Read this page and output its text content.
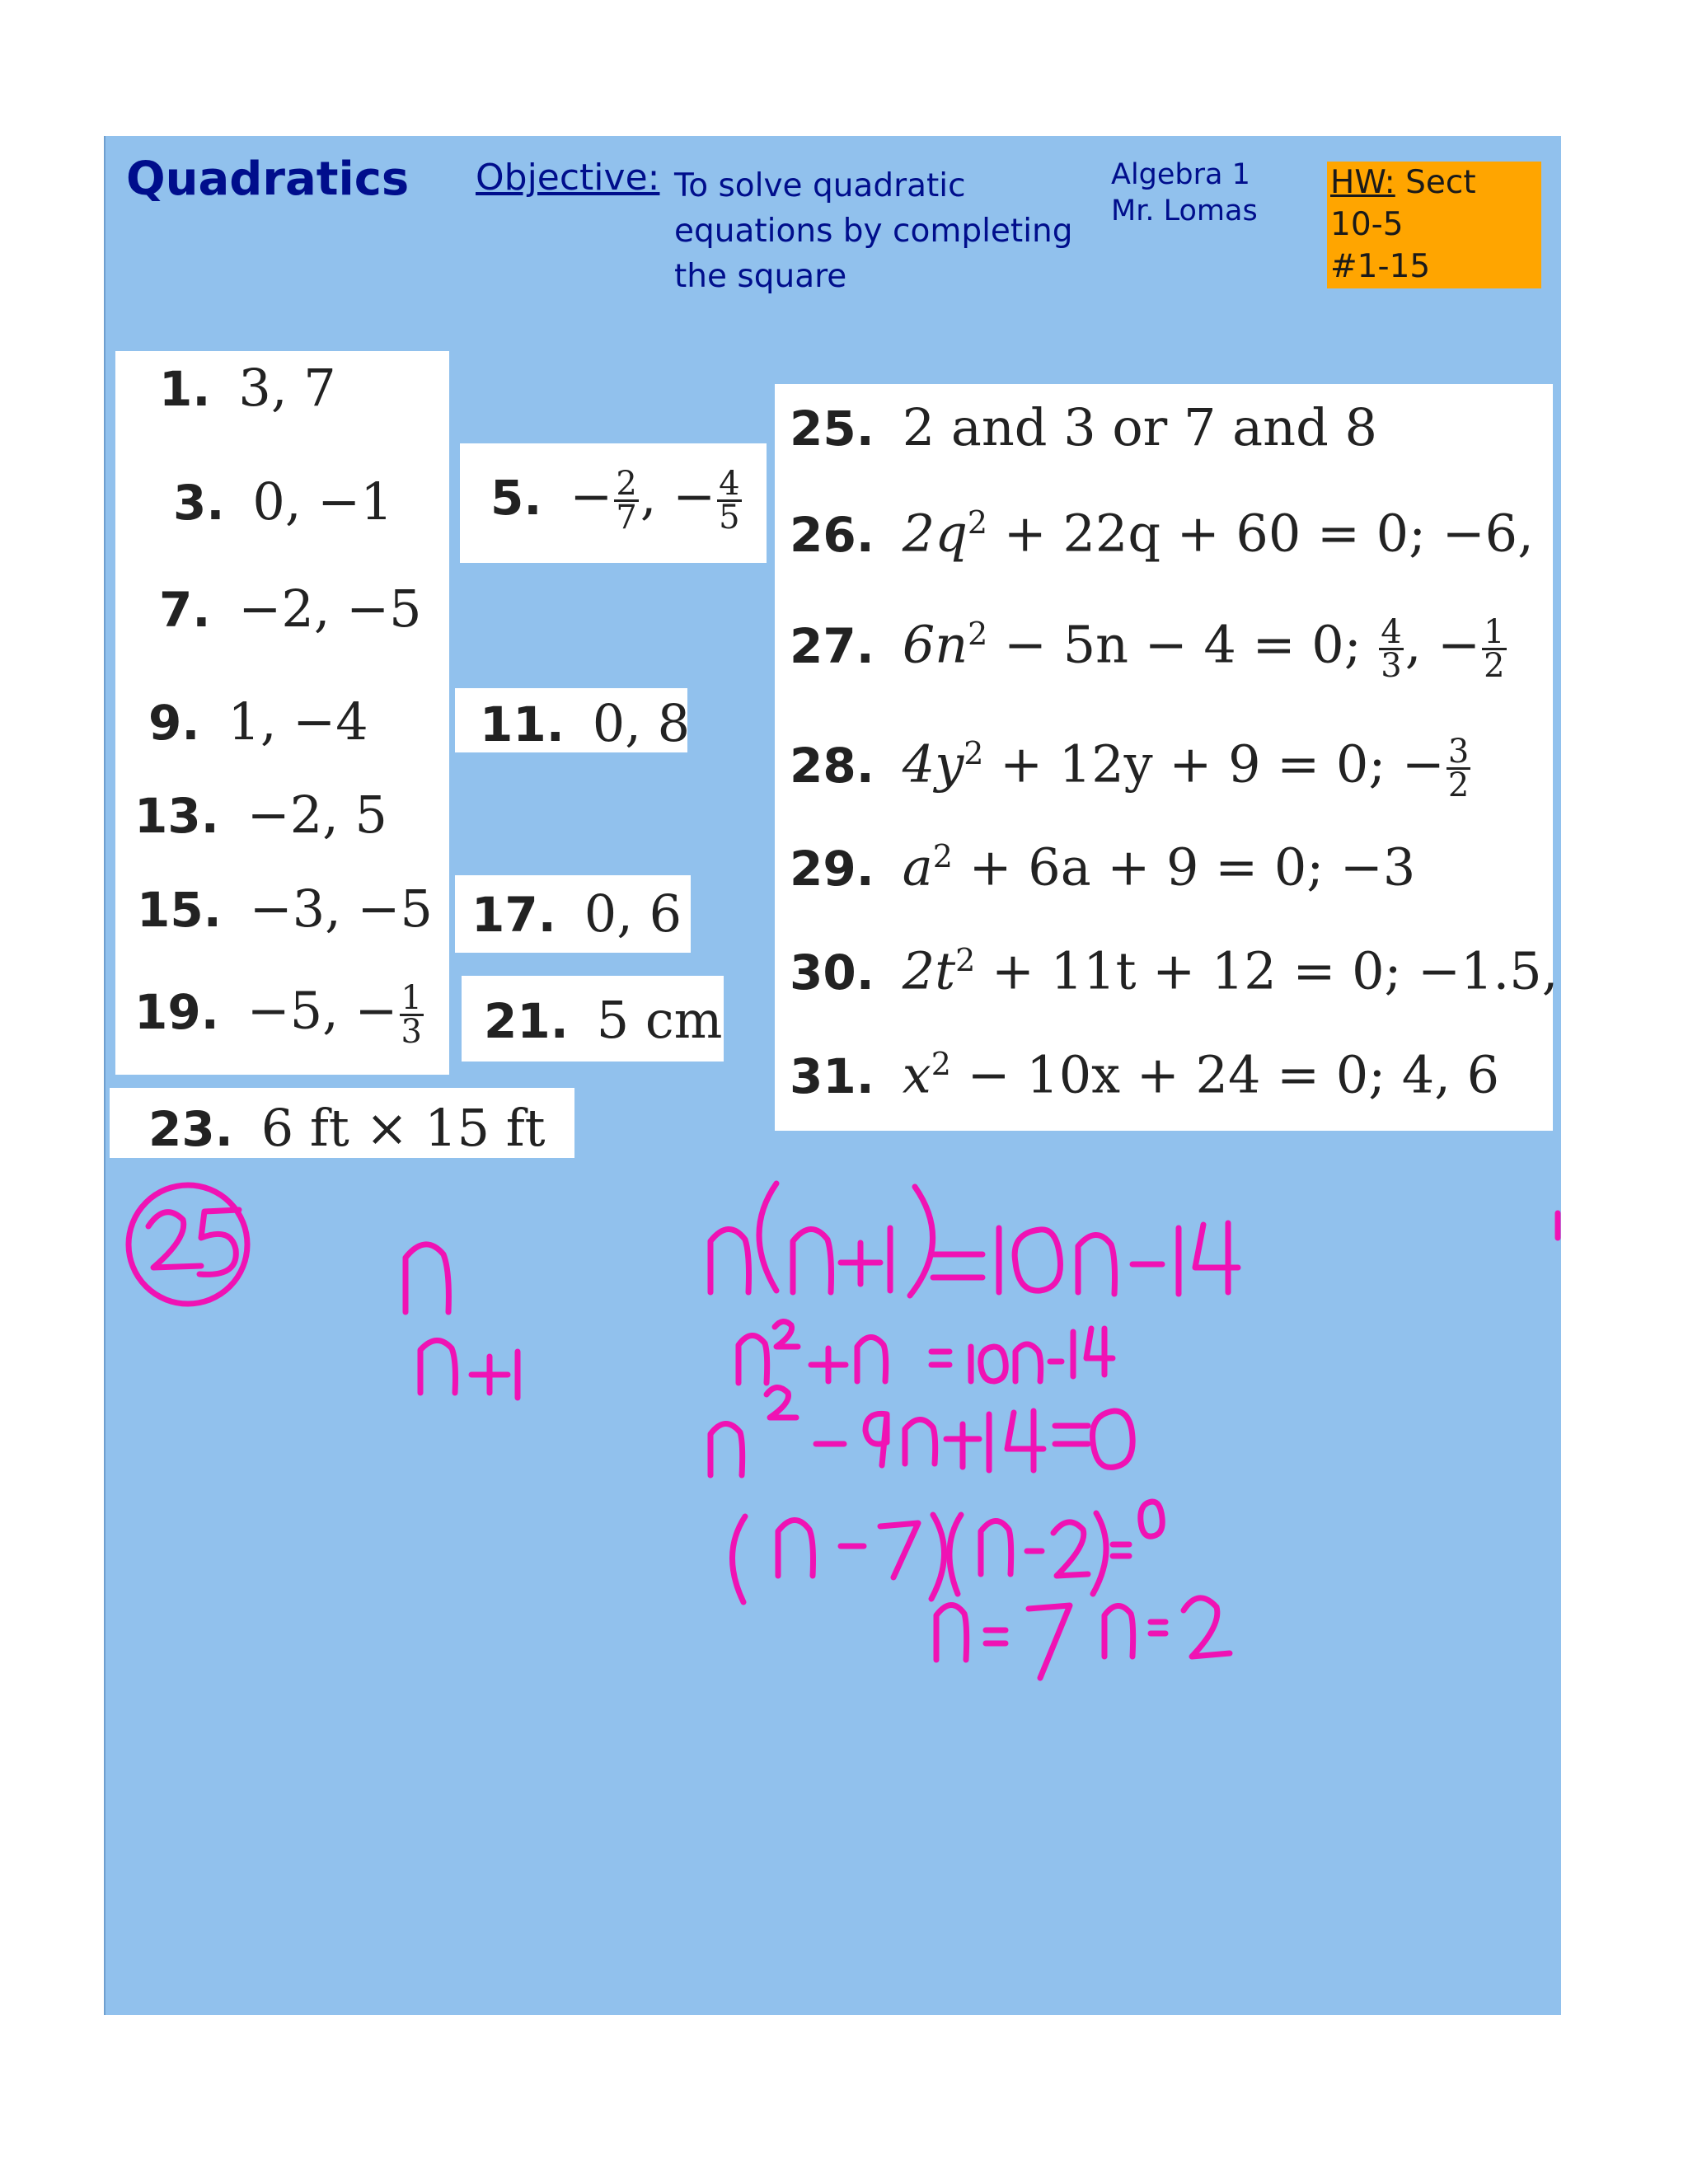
Quadratics Objective: To solve quadratic
equations by completing
the square
Algebra 1
Mr. Lomas
HW: Sect
10-5
#1-15
1. 3, 7
3. 0, −1
7. −2, −5
9. 1, −4
13. −2, 5
15. −3, −5
19. −5, − $\frac{1}{3}$
5. − $\frac{2}{7}$ , − $\frac{4}{5}$
11. 0, 8
17. 0, 6
21. 5 cm
23. 6 ft × 15 ft
25. 2 and 3 or 7 and 8
26. $2q^2 + 22q + 60 = 0$; −6,
27. $6n^2 - 5n - 4 = 0$; $\frac{4}{3}$ , − $\frac{1}{2}$
28. $4y^2 + 12y + 9 = 0$; − $\frac{3}{2}$
29. $a^2 + 6a + 9 = 0$; −3
30. $2t^2 + 11t + 12 = 0$; −1.5,
31. $x^2 - 10x + 24 = 0$; 4, 6
